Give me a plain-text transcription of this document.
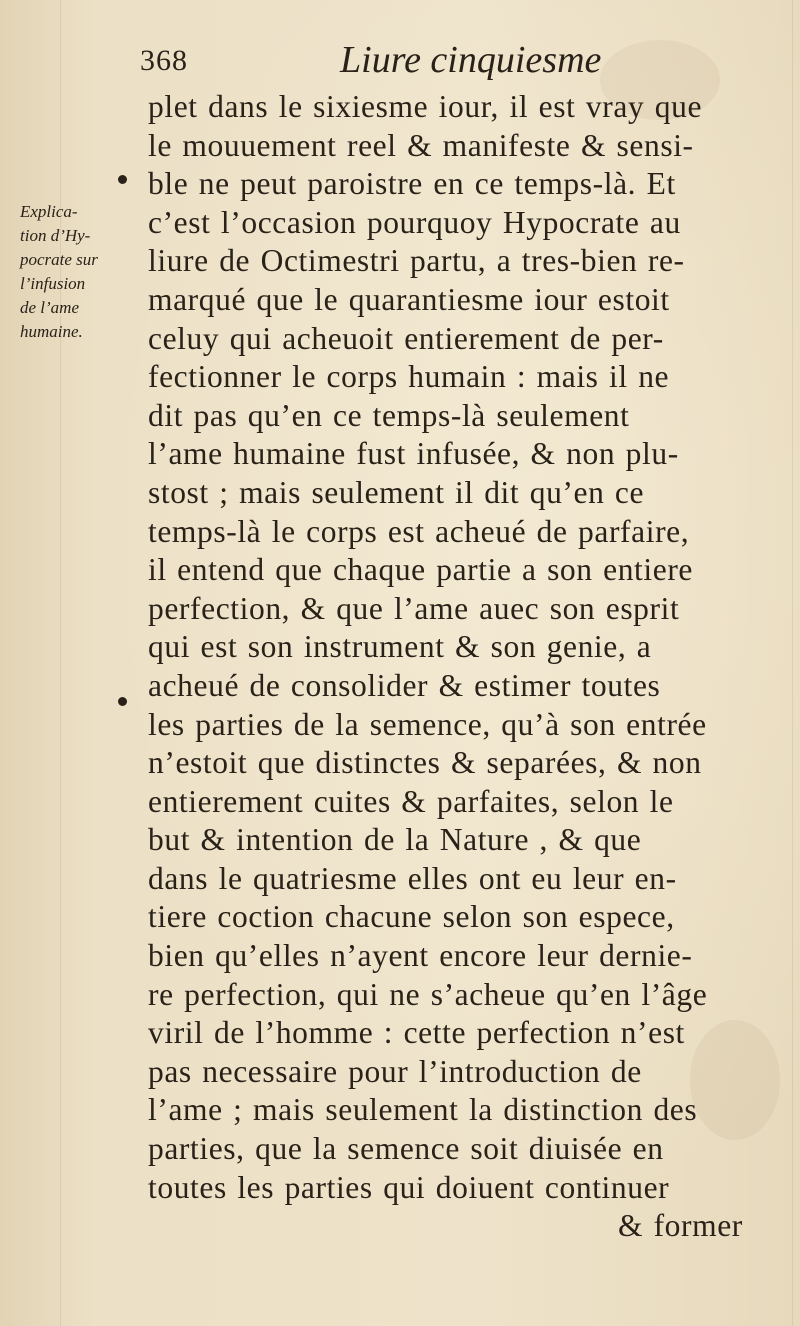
368	Liure cinquiesme
Explica-
tion d’Hy-
pocrate sur
l’infusion
de l’ame
humaine.
plet dans le sixiesme iour, il est vray que
le mouuement reel & manifeste & sensi-
ble ne peut paroistre en ce temps-là. Et
c’est l’occasion pourquoy Hypocrate au
liure de Octimestri partu, a tres-bien re-
marqué que le quarantiesme iour estoit
celuy qui acheuoit entierement de per-
fectionner le corps humain : mais il ne
dit pas qu’en ce temps-là seulement
l’ame humaine fust infusée, & non plu-
stost ; mais seulement il dit qu’en ce
temps-là le corps est acheué de parfaire,
il entend que chaque partie a son entiere
perfection, & que l’ame auec son esprit
qui est son instrument & son genie, a
acheué de consolider & estimer toutes
les parties de la semence, qu’à son entrée
n’estoit que distinctes & separées, & non
entierement cuites & parfaites, selon le
but & intention de la Nature , & que
dans le quatriesme elles ont eu leur en-
tiere coction chacune selon son espece,
bien qu’elles n’ayent encore leur dernie-
re perfection, qui ne s’acheue qu’en l’âge
viril de l’homme : cette perfection n’est
pas necessaire pour l’introduction de
l’ame ; mais seulement la distinction des
parties, que la semence soit diuisée en
toutes les parties qui doiuent continuer
& former
